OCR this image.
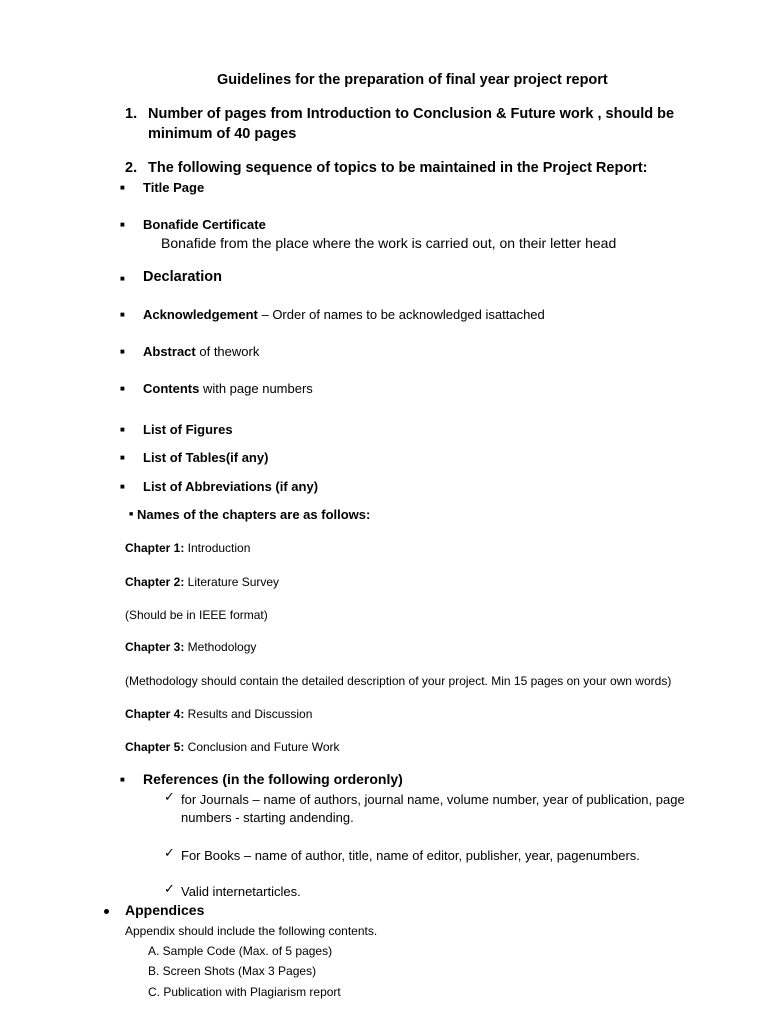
Guidelines for the preparation of final year project report
1. Number of pages from Introduction to Conclusion & Future work , should be
minimum of 40 pages
2. The following sequence of topics to be maintained in the Project Report:
■ Title Page
■ Bonafide Certificate
Bonafide from the place where the work is carried out, on their letter head
■ Declaration
■ Acknowledgement – Order of names to be acknowledged isattached
■ Abstract of thework
■ Contents with page numbers
■ List of Figures
■ List of Tables(if any)
■ List of Abbreviations (if any)
■ Names of the chapters are as follows:
Chapter 1: Introduction
Chapter 2: Literature Survey
(Should be in IEEE format)
Chapter 3: Methodology
(Methodology should contain the detailed description of your project. Min 15 pages on your own words)
Chapter 4: Results and Discussion
Chapter 5: Conclusion and Future Work
■ References (in the following orderonly)
✓ for Journals – name of authors, journal name, volume number, year of publication, page
numbers - starting andending.
✓ For Books – name of author, title, name of editor, publisher, year, pagenumbers.
✓ Valid internetarticles.
Appendices
Appendix should include the following contents.
A. Sample Code (Max. of 5 pages)
B. Screen Shots (Max 3 Pages)
C. Publication with Plagiarism report
